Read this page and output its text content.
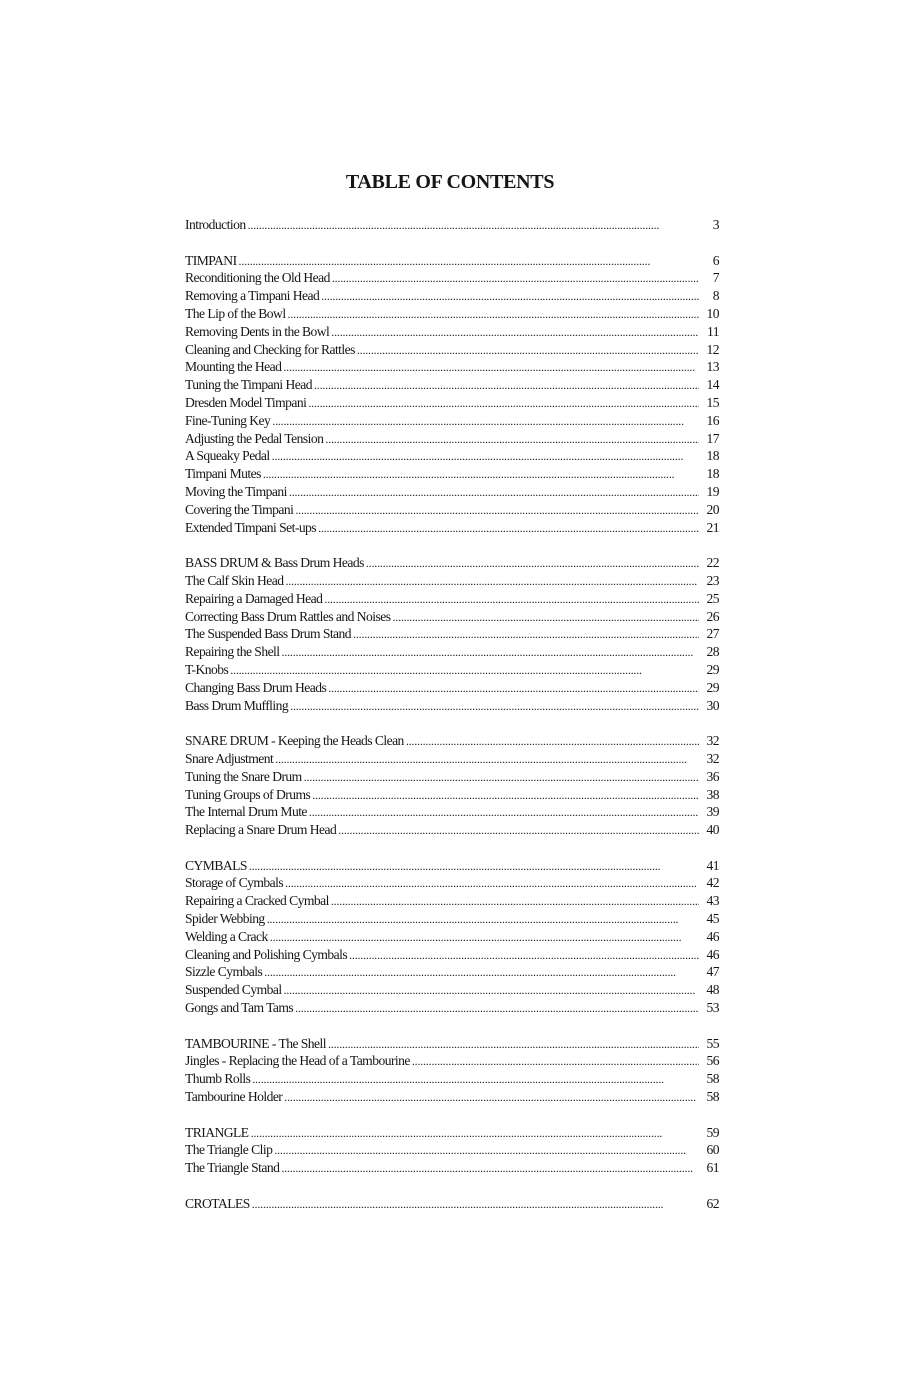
TABLE OF CONTENTS
Introduction . . .	3
TIMPANI . . .	6
Reconditioning the Old Head . . .	7
Removing a Timpani Head . . .	8
The Lip of the Bowl . . .	10
Removing Dents in the Bowl . . .	11
Cleaning and Checking for Rattles . . .	12
Mounting the Head . . .	13
Tuning the Timpani Head . . .	14
Dresden Model Timpani . . .	15
Fine-Tuning Key . . .	16
Adjusting the Pedal Tension . . .	17
A Squeaky Pedal . . .	18
Timpani Mutes . . .	18
Moving the Timpani . . .	19
Covering the Timpani . . .	20
Extended Timpani Set-ups . . .	21
BASS DRUM & Bass Drum Heads . . .	22
The Calf Skin Head . . .	23
Repairing a Damaged Head . . .	25
Correcting Bass Drum Rattles and Noises . . .	26
The Suspended Bass Drum Stand . . .	27
Repairing the Shell . . .	28
T-Knobs . . .	29
Changing Bass Drum Heads . . .	29
Bass Drum Muffling . . .	30
SNARE DRUM - Keeping the Heads Clean . . .	32
Snare Adjustment . . .	32
Tuning the Snare Drum . . .	36
Tuning Groups of Drums . . .	38
The Internal Drum Mute . . .	39
Replacing a Snare Drum Head . . .	40
CYMBALS . . .	41
Storage of Cymbals . . .	42
Repairing a Cracked Cymbal . . .	43
Spider Webbing . . .	45
Welding a Crack . . .	46
Cleaning and Polishing Cymbals . . .	46
Sizzle Cymbals . . .	47
Suspended Cymbal . . .	48
Gongs and Tam Tams . . .	53
TAMBOURINE - The Shell . . .	55
Jingles - Replacing the Head of a Tambourine . . .	56
Thumb Rolls . . .	58
Tambourine Holder . . .	58
TRIANGLE . . .	59
The Triangle Clip . . .	60
The Triangle Stand . . .	61
CROTALES . . .	62
